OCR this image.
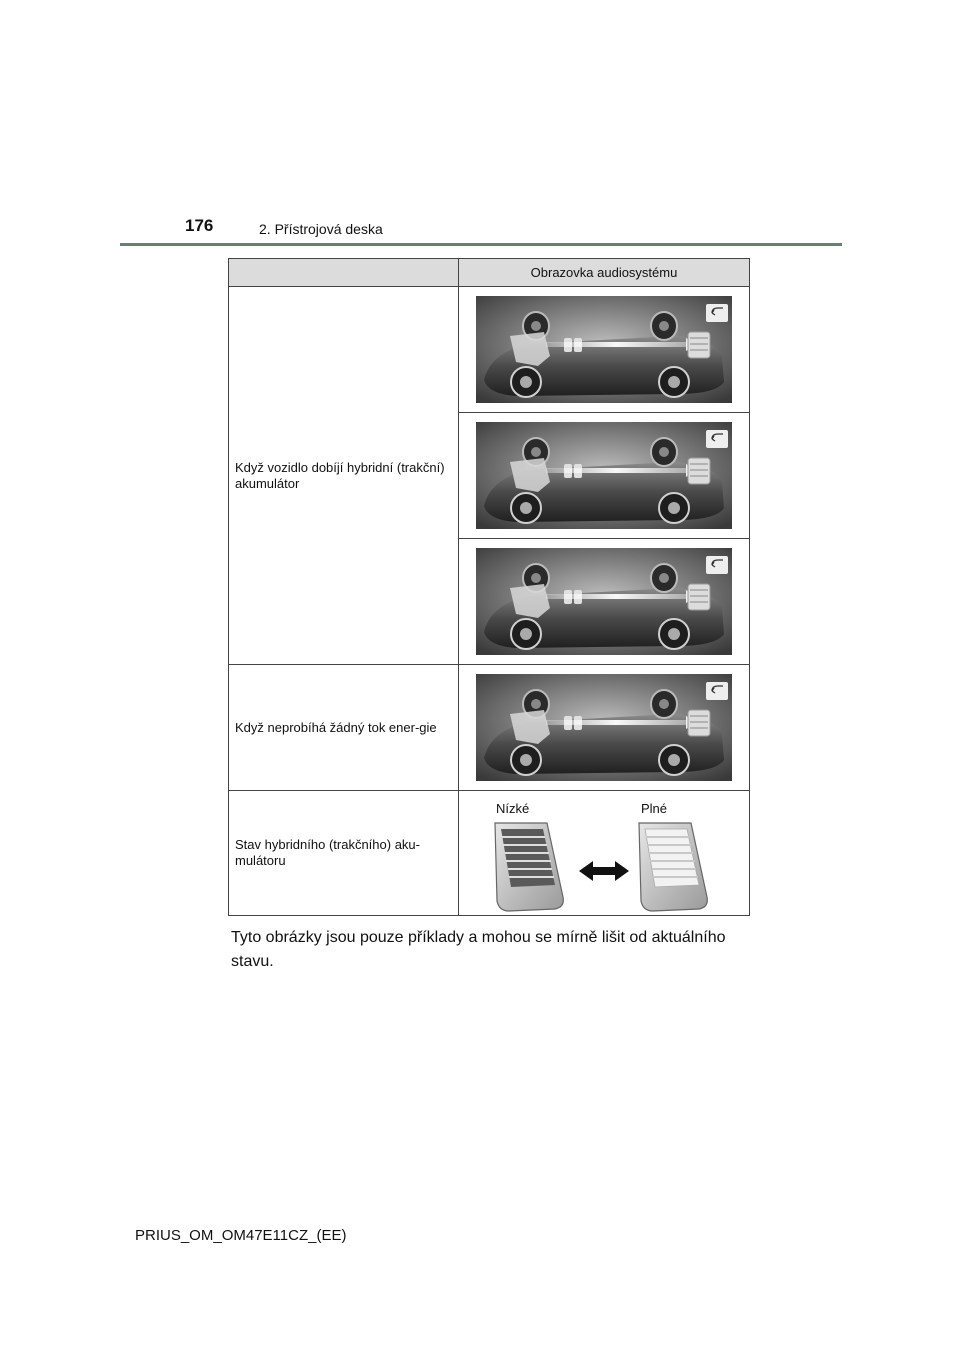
176	2. Přístrojová deska
	Obrazovka audiosystému
Když vozidlo dobíjí hybridní (trakční) akumulátor	

Když neprobíhá žádný tok ener-gie	

Stav hybridního (trakčního) aku-mulátoru	Nízké Plné
Tyto obrázky jsou pouze příklady a mohou se mírně lišit od aktuálního stavu.
PRIUS_OM_OM47E11CZ_(EE)
